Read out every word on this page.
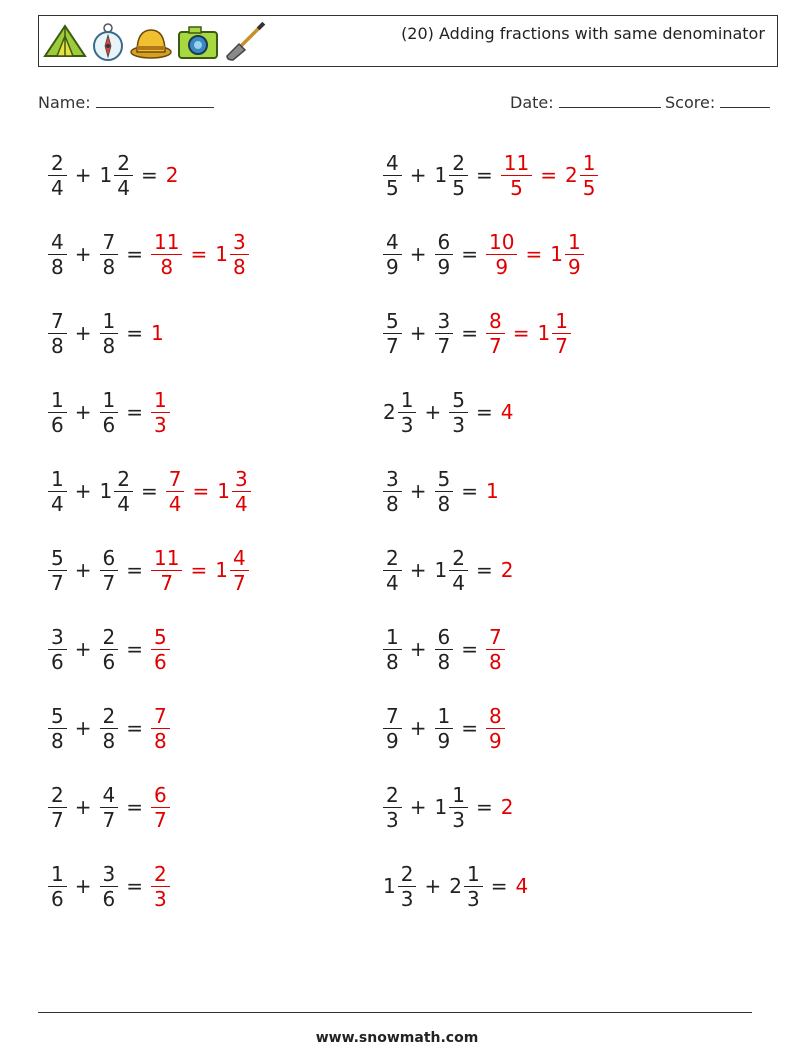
(20) Adding fractions with same denominator
Name:	Date:	Score:
$\frac{2}{4} + 1 \frac{2}{4} = 2$	$\frac{4}{5} + 1 \frac{2}{5} = \frac{11}{5} = 2 \frac{1}{5}$
$\frac{4}{8} + \frac{7}{8} = \frac{11}{8} = 1 \frac{3}{8}$	$\frac{4}{9} + \frac{6}{9} = \frac{10}{9} = 1 \frac{1}{9}$
$\frac{7}{8} + \frac{1}{8} = 1$	$\frac{5}{7} + \frac{3}{7} = \frac{8}{7} = 1 \frac{1}{7}$
$\frac{1}{6} + \frac{1}{6} = \frac{1}{3}$	$2 \frac{1}{3} + \frac{5}{3} = 4$
$\frac{1}{4} + 1 \frac{2}{4} = \frac{7}{4} = 1 \frac{3}{4}$	$\frac{3}{8} + \frac{5}{8} = 1$
$\frac{5}{7} + \frac{6}{7} = \frac{11}{7} = 1 \frac{4}{7}$	$\frac{2}{4} + 1 \frac{2}{4} = 2$
$\frac{3}{6} + \frac{2}{6} = \frac{5}{6}$	$\frac{1}{8} + \frac{6}{8} = \frac{7}{8}$
$\frac{5}{8} + \frac{2}{8} = \frac{7}{8}$	$\frac{7}{9} + \frac{1}{9} = \frac{8}{9}$
$\frac{2}{7} + \frac{4}{7} = \frac{6}{7}$	$\frac{2}{3} + 1 \frac{1}{3} = 2$
$\frac{1}{6} + \frac{3}{6} = \frac{2}{3}$	$1 \frac{2}{3} + 2 \frac{1}{3} = 4$
www.snowmath.com
